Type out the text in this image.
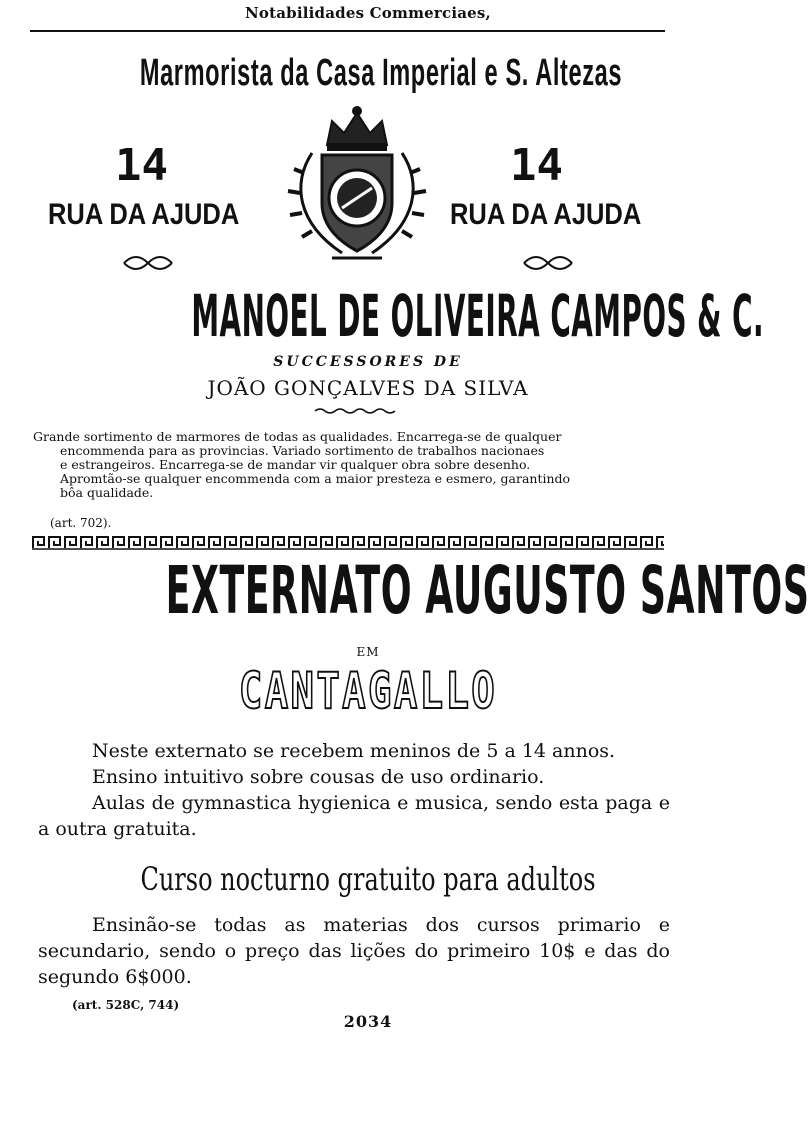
Notabilidades Commerciaes,
Marmorista da Casa Imperial e S. Altezas
14	14
RUA DA AJUDA	RUA DA AJUDA
MANOEL DE OLIVEIRA CAMPOS & C.
SUCCESSORES DE
JOÃO GONÇALVES DA SILVA

Grande sortimento de marmores de todas as qualidades. Encarrega-se de qualquer

encommenda para as provincias. Variado sortimento de trabalhos nacionaes

e estrangeiros. Encarrega-se de mandar vir qualquer obra sobre desenho.

Apromtão-se qualquer encommenda com a maior presteza e esmero, garantindo

bôa qualidade.

(art. 702).
EXTERNATO AUGUSTO SANTOS
EM
CANTAGALLO

Neste externato se recebem meninos de 5 a 14 annos.

Ensino intuitivo sobre cousas de uso ordinario.

Aulas de gymnastica hygienica e musica, sendo esta paga e a outra gratuita.

Curso nocturno gratuito para adultos

Ensinão-se todas as materias dos cursos primario e secundario, sendo o preço das lições do primeiro 10$ e das do segundo 6$000.

(art. 528C, 744)
2034
